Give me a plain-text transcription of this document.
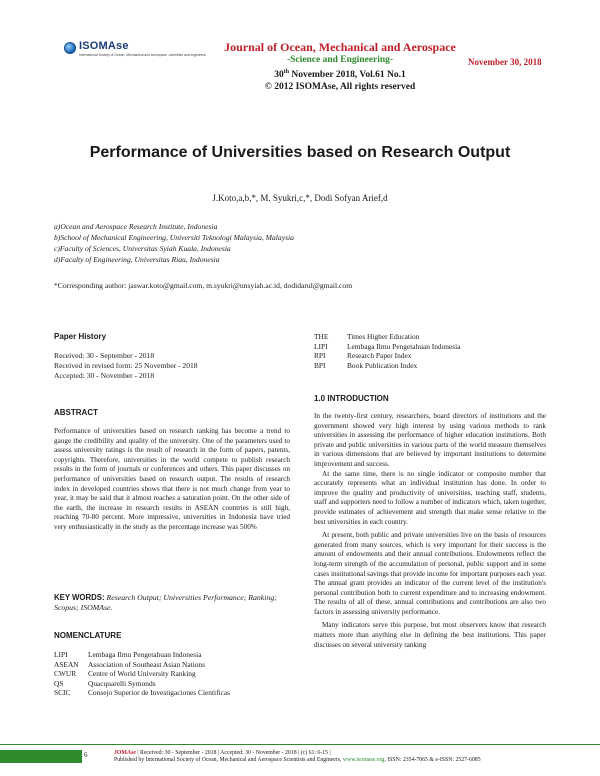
ISOMAse
International Society of Ocean, Mechanical and Aerospace -scientists and engineers-
Journal of Ocean, Mechanical and Aerospace
-Science and Engineering-
30th November 2018, Vol.61 No.1
© 2012 ISOMAse, All rights reserved
November 30, 2018
Performance of Universities based on Research Output
J.Koto,a,b,*, M. Syukri,c,*, Dodi Sofyan Arief,d
a)Ocean and Aerospace Research Institute, Indonesia
b)School of Mechanical Engineering, Universiti Teknologi Malaysia, Malaysia
c)Faculty of Sciences, Universitas Syiah Kuala, Indonesia
d)Faculty of Engineering, Universitas Riau, Indonesia
*Corresponding author: jaswar.koto@gmail.com, m.syukri@unsyiah.ac.id, dodidarul@gmail.com
Paper History
Received: 30 - September - 2018
Received in revised form: 25 November - 2018
Accepted: 30 - November - 2018
ABSTRACT

Performance of universities based on research ranking has become a trend to gauge the credibility and quality of the university. One of the parameters used to assess university ratings is the result of research in the form of papers, patents, copyrights. Therefore, universities in the world compete to publish research results in the form of journals or conferences and others. This paper discusses on performance of universities based on research output. The results of research index in developed countries shows that there is not much change from year to year, it may be said that it almost reaches a saturation point. On the other side of the earth, the increase in research results in ASEAN countries is still high, reaching 70-80 percent. More impressive, universities in Indonesia have tried very enthusiastically in the study as the percentage increase was 500%

KEY WORDS: Research Output; Universities Performance; Ranking; Scopus; ISOMAse.
NOMENCLATURE
LIPI	Lembaga Ilmu Pengetahuan Indonesia
ASEAN	Association of Southeast Asian Nations
CWUR	Centre of World University Ranking
QS	Quacquarelli Symonds
SCIC	Consejo Superior de Investigaciones Cientificas
THE	Times Higher Education
LIPI	Lembaga Ilmu Pengetahuan Indonesia
RPI	Research Paper Index
BPI	Book Publication Index
1.0 INTRODUCTION

In the twenty-first century, researchers, board directors of institutions and the government showed very high interest by using various methods to rank universities in assessing the performance of higher education institutions. Both private and public universities in various parts of the world measure themselves in various dimensions that are believed by important institutions to determine improvement and success.

At the same time, there is no single indicator or composite number that accurately represents what an individual institution has done. In order to improve the quality and productivity of universities, teaching staff, students, staff and supporters need to follow a number of indicators which, taken together, provide estimates of achievement and strength that make sense relative to the best universities in each country.

At present, both public and private universities live on the basis of resources generated from many sources, which is very important for their success is the amount of endowments and their annual contributions. Endowments reflect the long-term strength of the accumulation of personal, public support and in some cases institutional savings that provide income for important purposes each year. The annual grant provides an indicator of the current level of the institution's personal contribution both to current expenditure and to increasing endowment. The results of all of these, annual contributions and contributions are also two factors in assessing university performance.

Many indicators serve this purpose, but most observers know that research matters more than anything else in defining the best institutions. This paper discusses on several university ranking

6	JOMAse | Received: 30 - September - 2018 | Accepted: 30 - November - 2018 | (c) 61: 6-15 |
Published by International Society of Ocean, Mechanical and Aerospace Scientists and Engineers, www.isomase.org, ISSN: 2354-7065 & e-ISSN: 2527-6085
